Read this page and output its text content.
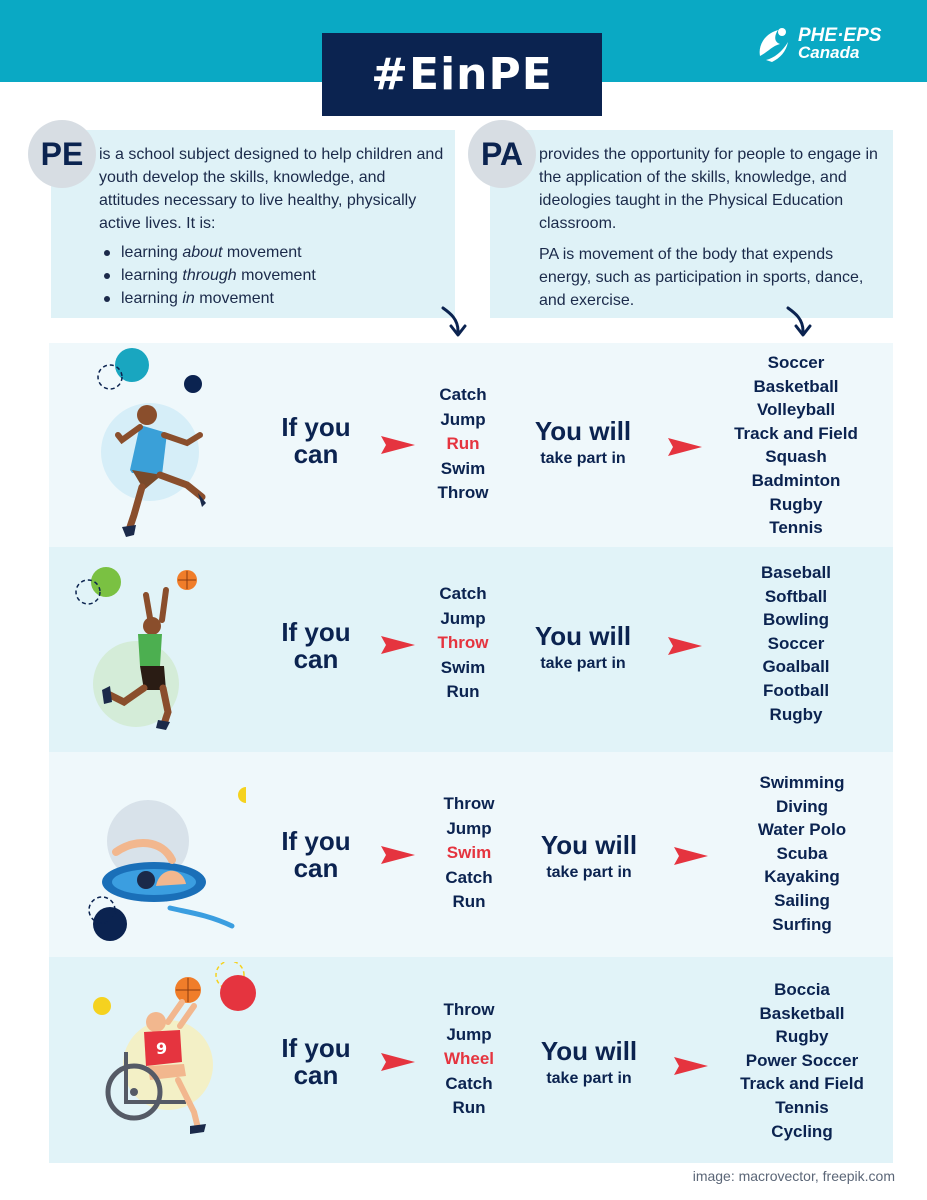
#EinPE
PHE·EPS
Canada
PE	PA

is a school subject designed to help children and youth develop the skills, knowledge, and attitudes necessary to live healthy, physically active lives. It is:

learning about movement
learning through movement
learning in movement

provides the opportunity for people to engage in the application of the skills, knowledge, and ideologies taught in the Physical Education classroom.

PA is movement of the body that expends energy, such as participation in sports, dance, and exercise.

9
If you
can
Catch
Jump
Run
Swim
Throw
You will
take part in
Soccer
Basketball
Volleyball
Track and Field
Squash
Badminton
Rugby
Tennis
If you
can
Catch
Jump
Throw
Swim
Run
You will
take part in
Baseball
Softball
Bowling
Soccer
Goalball
Football
Rugby
If you
can
Throw
Jump
Swim
Catch
Run
You will
take part in
Swimming
Diving
Water Polo
Scuba
Kayaking
Sailing
Surfing
If you
can
Throw
Jump
Wheel
Catch
Run
You will
take part in
Boccia
Basketball
Rugby
Power Soccer
Track and Field
Tennis
Cycling
image: macrovector, freepik.com
